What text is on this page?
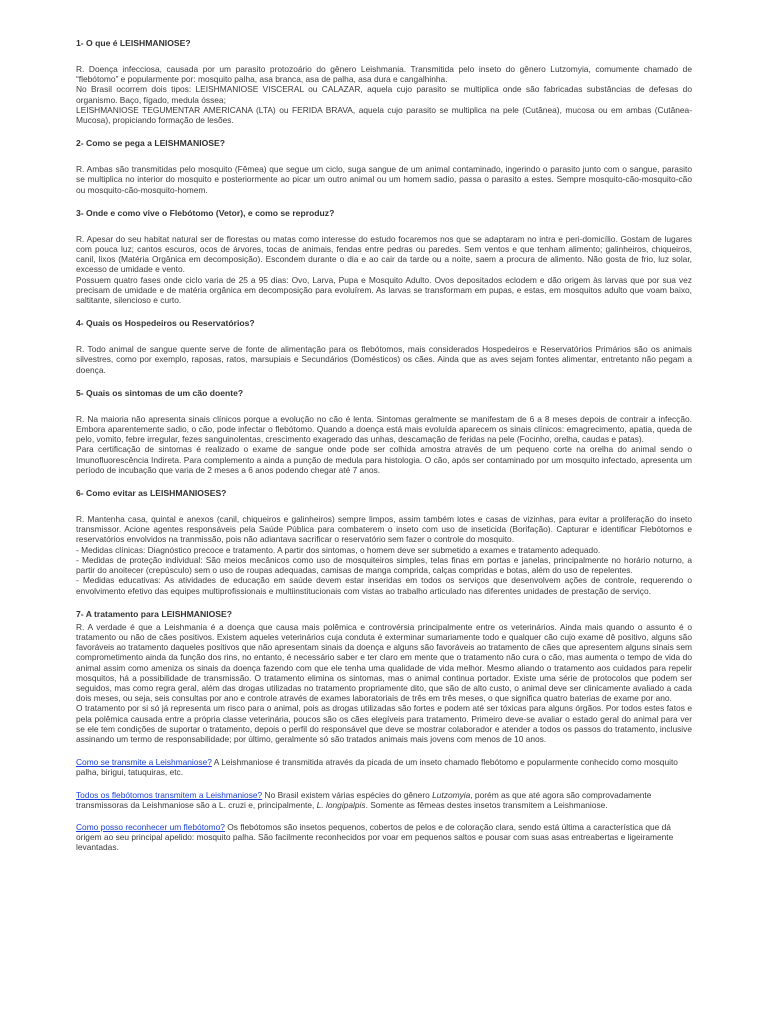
1- O que é LEISHMANIOSE?

R. Doença infecciosa, causada por um parasito protozoário do gênero Leishmania. Transmitida pelo inseto do gênero Lutzomyia, comumente chamado de “flebótomo” e popularmente por: mosquito palha, asa branca, asa de palha, asa dura e cangalhinha.

No Brasil ocorrem dois tipos: LEISHMANIOSE VISCERAL ou CALAZAR, aquela cujo parasito se multiplica onde são fabricadas substâncias de defesas do organismo. Baço, fígado, medula óssea;

LEISHMANIOSE TEGUMENTAR AMERICANA (LTA) ou FERIDA BRAVA, aquela cujo parasito se multiplica na pele (Cutânea), mucosa ou em ambas (Cutânea-Mucosa), propiciando formação de lesões.

2- Como se pega a LEISHMANIOSE?

R. Ambas são transmitidas pelo mosquito (Fêmea) que segue um ciclo, suga sangue de um animal contaminado, ingerindo o parasito junto com o sangue, parasito se multiplica no interior do mosquito e posteriormente ao picar um outro animal ou um homem sadio, passa o parasito a estes. Sempre mosquito-cão-mosquito-cão ou mosquito-cão-mosquito-homem.

3- Onde e como vive o Flebótomo (Vetor), e como se reproduz?

R. Apesar do seu habitat natural ser de florestas ou matas como interesse do estudo focaremos nos que se adaptaram no intra e peri-domicílio. Gostam de lugares com pouca luz; cantos escuros, ocos de árvores, tocas de animais, fendas entre pedras ou paredes. Sem ventos e que tenham alimento; galinheiros, chiqueiros, canil, lixos (Matéria Orgânica em decomposição). Escondem durante o dia e ao cair da tarde ou a noite, saem a procura de alimento. Não gosta de frio, luz solar, excesso de umidade e vento.

Possuem quatro fases onde ciclo varia de 25 a 95 dias: Ovo, Larva, Pupa e Mosquito Adulto. Ovos depositados eclodem e dão origem às larvas que por sua vez precisam de umidade e de matéria orgânica em decomposição para evoluírem. As larvas se transformam em pupas, e estas, em mosquitos adulto que voam baixo, saltitante, silencioso e curto.

4- Quais os Hospedeiros ou Reservatórios?

R. Todo animal de sangue quente serve de fonte de alimentação para os flebótomos, mais considerados Hospedeiros e Reservatórios Primários são os animais silvestres, como por exemplo, raposas, ratos, marsupiais e Secundários (Domésticos) os cães. Ainda que as aves sejam fontes alimentar, entretanto não pegam a doença.

5- Quais os sintomas de um cão doente?

R. Na maioria não apresenta sinais clínicos porque a evolução no cão é lenta. Sintomas geralmente se manifestam de 6 a 8 meses depois de contrair a infecção. Embora aparentemente sadio, o cão, pode infectar o flebótomo. Quando a doença está mais evoluída aparecem os sinais clínicos: emagrecimento, apatia, queda de pelo, vomito, febre irregular, fezes sanguinolentas, crescimento exagerado das unhas, descamação de feridas na pele (Focinho, orelha, caudas e patas).

Para certificação de sintomas é realizado o exame de sangue onde pode ser colhida amostra através de um pequeno corte na orelha do animal sendo o Imunofluorescência Indireta. Para complemento a ainda a punção de medula para histologia. O cão, após ser contaminado por um mosquito infectado, apresenta um período de incubação que varia de 2 meses a 6 anos podendo chegar até 7 anos.

6- Como evitar as LEISHMANIOSES?

R. Mantenha casa, quintal e anexos (canil, chiqueiros e galinheiros) sempre limpos, assim também lotes e casas de vizinhas, para evitar a proliferação do inseto transmissor. Acione agentes responsáveis pela Saúde Pública para combaterem o inseto com uso de inseticida (Borifação). Capturar e identificar Flebótomos e reservatórios envolvidos na tranmissão, pois não adiantava sacrificar o reservatório sem fazer o controle do mosquito.

- Medidas clínicas: Diagnóstico precoce e tratamento. A partir dos sintomas, o homem deve ser submetido a exames e tratamento adequado.

- Medidas de proteção individual: São meios mecânicos como uso de mosquiteiros simples, telas finas em portas e janelas, principalmente no horário noturno, a partir do anoitecer (crepúsculo) sem o uso de roupas adequadas, camisas de manga comprida, calças compridas e botas, além do uso de repelentes.

- Medidas educativas: As atividades de educação em saúde devem estar inseridas em todos os serviços que desenvolvem ações de controle, requerendo o envolvimento efetivo das equipes multiprofissionais e multiinstitucionais com vistas ao trabalho articulado nas diferentes unidades de prestação de serviço.

7- A tratamento para LEISHMANIOSE?

R. A verdade é que a Leishmania é a doença que causa mais polêmica e controvérsia principalmente entre os veterinários. Ainda mais quando o assunto é o tratamento ou não de cães positivos. Existem aqueles veterinários cuja conduta é exterminar sumariamente todo e qualquer cão cujo exame dê positivo, alguns são favoráveis ao tratamento daqueles positivos que não apresentam sinais da doença e alguns são favoráveis ao tratamento de cães que apresentem alguns sinais sem comprometimento ainda da função dos rins, no entanto, é necessário saber e ter claro em mente que o tratamento não cura o cão, mas aumenta o tempo de vida do animal assim como ameniza os sinais da doença fazendo com que ele tenha uma qualidade de vida melhor. Mesmo aliando o tratamento aos cuidados para repelir mosquitos, há a possibilidade de transmissão. O tratamento elimina os sintomas, mas o animal continua portador. Existe uma série de protocolos que podem ser seguidos, mas como regra geral, além das drogas utilizadas no tratamento propriamente dito, que são de alto custo, o animal deve ser clinicamente avaliado a cada dois meses, ou seja, seis consultas por ano e controle através de exames laboratoriais de três em três meses, o que significa quatro baterias de exame por ano.

O tratamento por si só já representa um risco para o animal, pois as drogas utilizadas são fortes e podem até ser tóxicas para alguns órgãos. Por todos estes fatos e pela polêmica causada entre a própria classe veterinária, poucos são os cães elegíveis para tratamento. Primeiro deve-se avaliar o estado geral do animal para ver se ele tem condições de suportar o tratamento, depois o perfil do responsável que deve se mostrar colaborador e atender a todos os passos do tratamento, inclusive assinando um termo de responsabilidade; por último, geralmente só são tratados animais mais jovens com menos de 10 anos.

Como se transmite a Leishmaniose? A Leishmaniose é transmitida através da picada de um inseto chamado flebótomo e popularmente conhecido como mosquito palha, birigui, tatuquiras, etc.

Todos os flebótomos transmitem a Leishmaniose? No Brasil existem várias espécies do gênero Lutzomyia, porém as que até agora são comprovadamente transmissoras da Leishmaniose são a L. cruzi e, principalmente, L. longipalpis. Somente as fêmeas destes insetos transmitem a Leishmaniose.

Como posso reconhecer um flebótomo? Os flebótomos são insetos pequenos, cobertos de pelos e de coloração clara, sendo está última a característica que dá origem ao seu principal apelido: mosquito palha. São facilmente reconhecidos por voar em pequenos saltos e pousar com suas asas entreabertas e ligeiramente levantadas.
